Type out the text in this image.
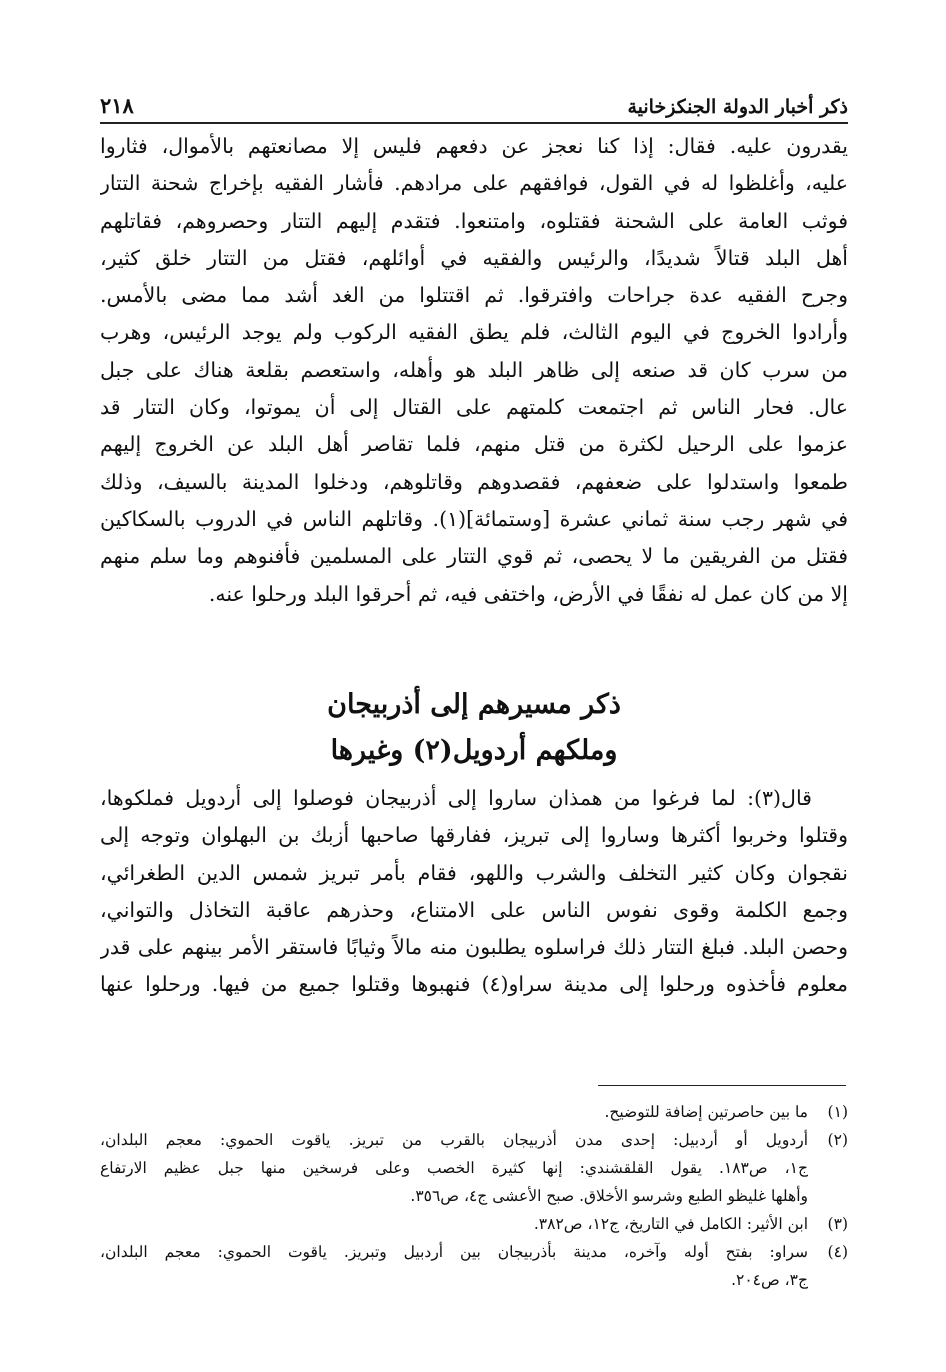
ذكر أخبار الدولة الجنكزخانية
٢١٨
يقدرون عليه. فقال: إذا كنا نعجز عن دفعهم فليس إلا مصانعتهم بالأموال، فثاروا
عليه، وأغلظوا له في القول، فوافقهم على مرادهم. فأشار الفقيه بإخراج شحنة التتار
فوثب العامة على الشحنة فقتلوه، وامتنعوا. فتقدم إليهم التتار وحصروهم، فقاتلهم
أهل البلد قتالاً شديدًا، والرئيس والفقيه في أوائلهم، فقتل من التتار خلق كثير،
وجرح الفقيه عدة جراحات وافترقوا. ثم اقتتلوا من الغد أشد مما مضى بالأمس.
وأرادوا الخروج في اليوم الثالث، فلم يطق الفقيه الركوب ولم يوجد الرئيس، وهرب
من سرب كان قد صنعه إلى ظاهر البلد هو وأهله، واستعصم بقلعة هناك على جبل
عال. فحار الناس ثم اجتمعت كلمتهم على القتال إلى أن يموتوا، وكان التتار قد
عزموا على الرحيل لكثرة من قتل منهم، فلما تقاصر أهل البلد عن الخروج إليهم
طمعوا واستدلوا على ضعفهم، فقصدوهم وقاتلوهم، ودخلوا المدينة بالسيف، وذلك
في شهر رجب سنة ثماني عشرة [وستمائة](١). وقاتلهم الناس في الدروب بالسكاكين
فقتل من الفريقين ما لا يحصى، ثم قوي التتار على المسلمين فأفنوهم وما سلم منهم
إلا من كان عمل له نفقًا في الأرض، واختفى فيه، ثم أحرقوا البلد ورحلوا عنه.
ذكر مسيرهم إلى أذربيجان
وملكهم أردويل(٢) وغيرها
قال(٣): لما فرغوا من همذان ساروا إلى أذربيجان فوصلوا إلى أردويل فملكوها،
وقتلوا وخربوا أكثرها وساروا إلى تبريز، ففارقها صاحبها أزبك بن البهلوان وتوجه إلى
نقجوان وكان كثير التخلف والشرب واللهو، فقام بأمر تبريز شمس الدين الطغرائي،
وجمع الكلمة وقوى نفوس الناس على الامتناع، وحذرهم عاقبة التخاذل والتواني،
وحصن البلد. فبلغ التتار ذلك فراسلوه يطلبون منه مالاً وثيابًا فاستقر الأمر بينهم على قدر
معلوم فأخذوه ورحلوا إلى مدينة سراو(٤) فنهبوها وقتلوا جميع من فيها. ورحلوا عنها
(١)
ما بين حاصرتين إضافة للتوضيح.
(٢)
أردويل أو أردبيل: إحدى مدن أذربيجان بالقرب من تبريز. ياقوت الحموي: معجم البلدان،
ج١، ص١٨٣. يقول القلقشندي: إنها كثيرة الخصب وعلى فرسخين منها جبل عظيم الارتفاع
وأهلها غليظو الطبع وشرسو الأخلاق. صبح الأعشى ج٤، ص٣٥٦.
(٣)
ابن الأثير: الكامل في التاريخ، ج١٢، ص٣٨٢.
(٤)
سراو: بفتح أوله وآخره، مدينة بأذربيجان بين أردبيل وتبريز. ياقوت الحموي: معجم البلدان،
ج٣، ص٢٠٤.
